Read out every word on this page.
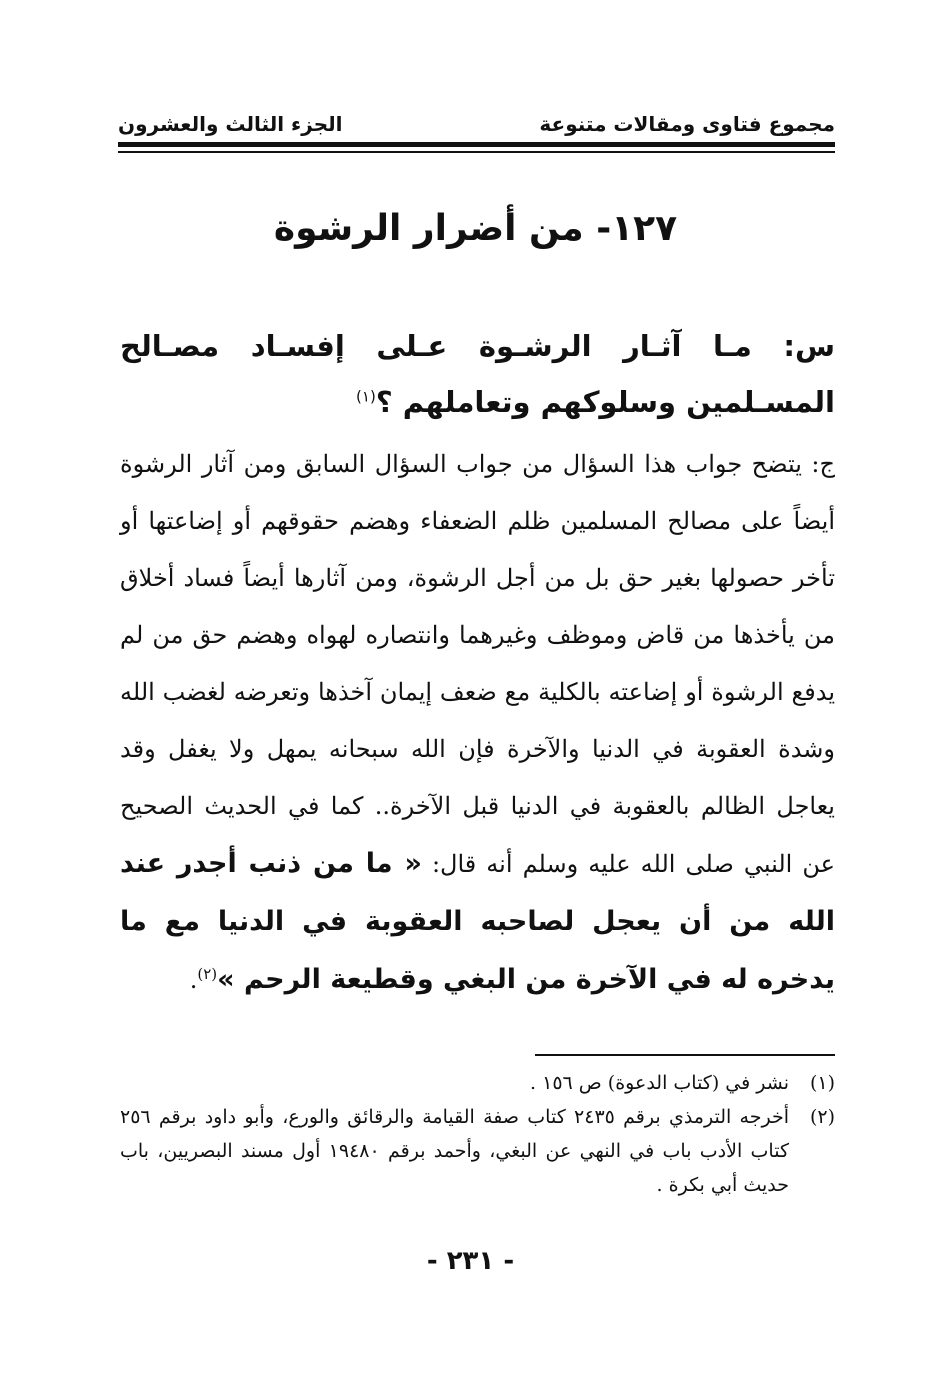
مجموع فتاوى ومقالات متنوعة
الجزء الثالث والعشرون
١٢٧- من أضرار الرشوة

س: مـا آثـار الرشـوة عـلى إفسـاد مصـالح المسـلمين وسلوكهم وتعاملهم ؟$^{(١)}$

ج: يتضح جواب هذا السؤال من جواب السؤال السابق ومن آثار الرشوة أيضاً على مصالح المسلمين ظلم الضعفاء وهضم حقوقهم أو إضاعتها أو تأخر حصولها بغير حق بل من أجل الرشوة، ومن آثارها أيضاً فساد أخلاق من يأخذها من قاض وموظف وغيرهما وانتصاره لهواه وهضم حق من لم يدفع الرشوة أو إضاعته بالكلية مع ضعف إيمان آخذها وتعرضه لغضب الله وشدة العقوبة في الدنيا والآخرة فإن الله سبحانه يمهل ولا يغفل وقد يعاجل الظالم بالعقوبة في الدنيا قبل الآخرة.. كما في الحديث الصحيح عن النبي صلى الله عليه وسلم أنه قال: « ما من ذنب أجدر عند الله من أن يعجل لصاحبه العقوبة في الدنيا مع ما يدخره له في الآخرة من البغي وقطيعة الرحم »$^{(٢)}$.

(١)
نشر في (كتاب الدعوة) ص ١٥٦ .
(٢)
أخرجه الترمذي برقم ٢٤٣٥ كتاب صفة القيامة والرقائق والورع، وأبو داود برقم ٢٥٦ كتاب الأدب باب في النهي عن البغي، وأحمد برقم ١٩٤٨٠ أول مسند البصريين، باب حديث أبي بكرة .
- ٢٣١ -
